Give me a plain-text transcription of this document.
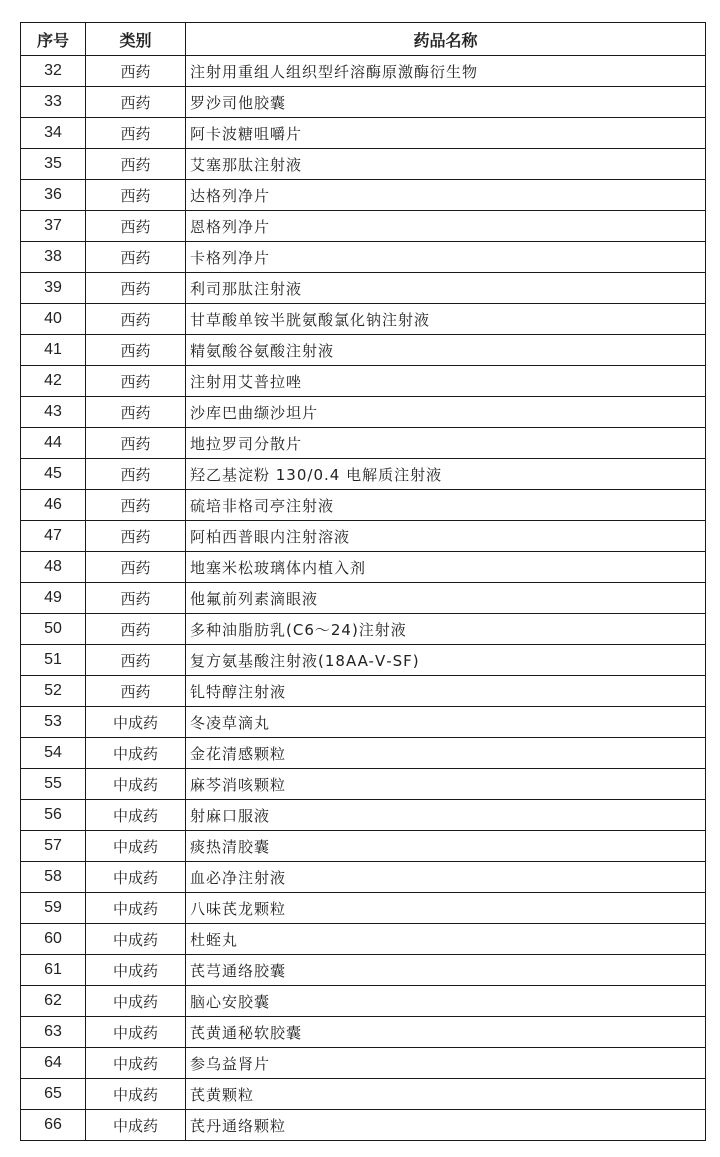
序号	类别	药品名称
32	西药	注射用重组人组织型纤溶酶原激酶衍生物
33	西药	罗沙司他胶囊
34	西药	阿卡波糖咀嚼片
35	西药	艾塞那肽注射液
36	西药	达格列净片
37	西药	恩格列净片
38	西药	卡格列净片
39	西药	利司那肽注射液
40	西药	甘草酸单铵半胱氨酸氯化钠注射液
41	西药	精氨酸谷氨酸注射液
42	西药	注射用艾普拉唑
43	西药	沙库巴曲缬沙坦片
44	西药	地拉罗司分散片
45	西药	羟乙基淀粉 130/0.4 电解质注射液
46	西药	硫培非格司亭注射液
47	西药	阿柏西普眼内注射溶液
48	西药	地塞米松玻璃体内植入剂
49	西药	他氟前列素滴眼液
50	西药	多种油脂肪乳(C6～24)注射液
51	西药	复方氨基酸注射液(18AA-Ⅴ-SF)
52	西药	钆特醇注射液
53	中成药	冬凌草滴丸
54	中成药	金花清感颗粒
55	中成药	麻芩消咳颗粒
56	中成药	射麻口服液
57	中成药	痰热清胶囊
58	中成药	血必净注射液
59	中成药	八味芪龙颗粒
60	中成药	杜蛭丸
61	中成药	芪芎通络胶囊
62	中成药	脑心安胶囊
63	中成药	芪黄通秘软胶囊
64	中成药	参乌益肾片
65	中成药	芪黄颗粒
66	中成药	芪丹通络颗粒
